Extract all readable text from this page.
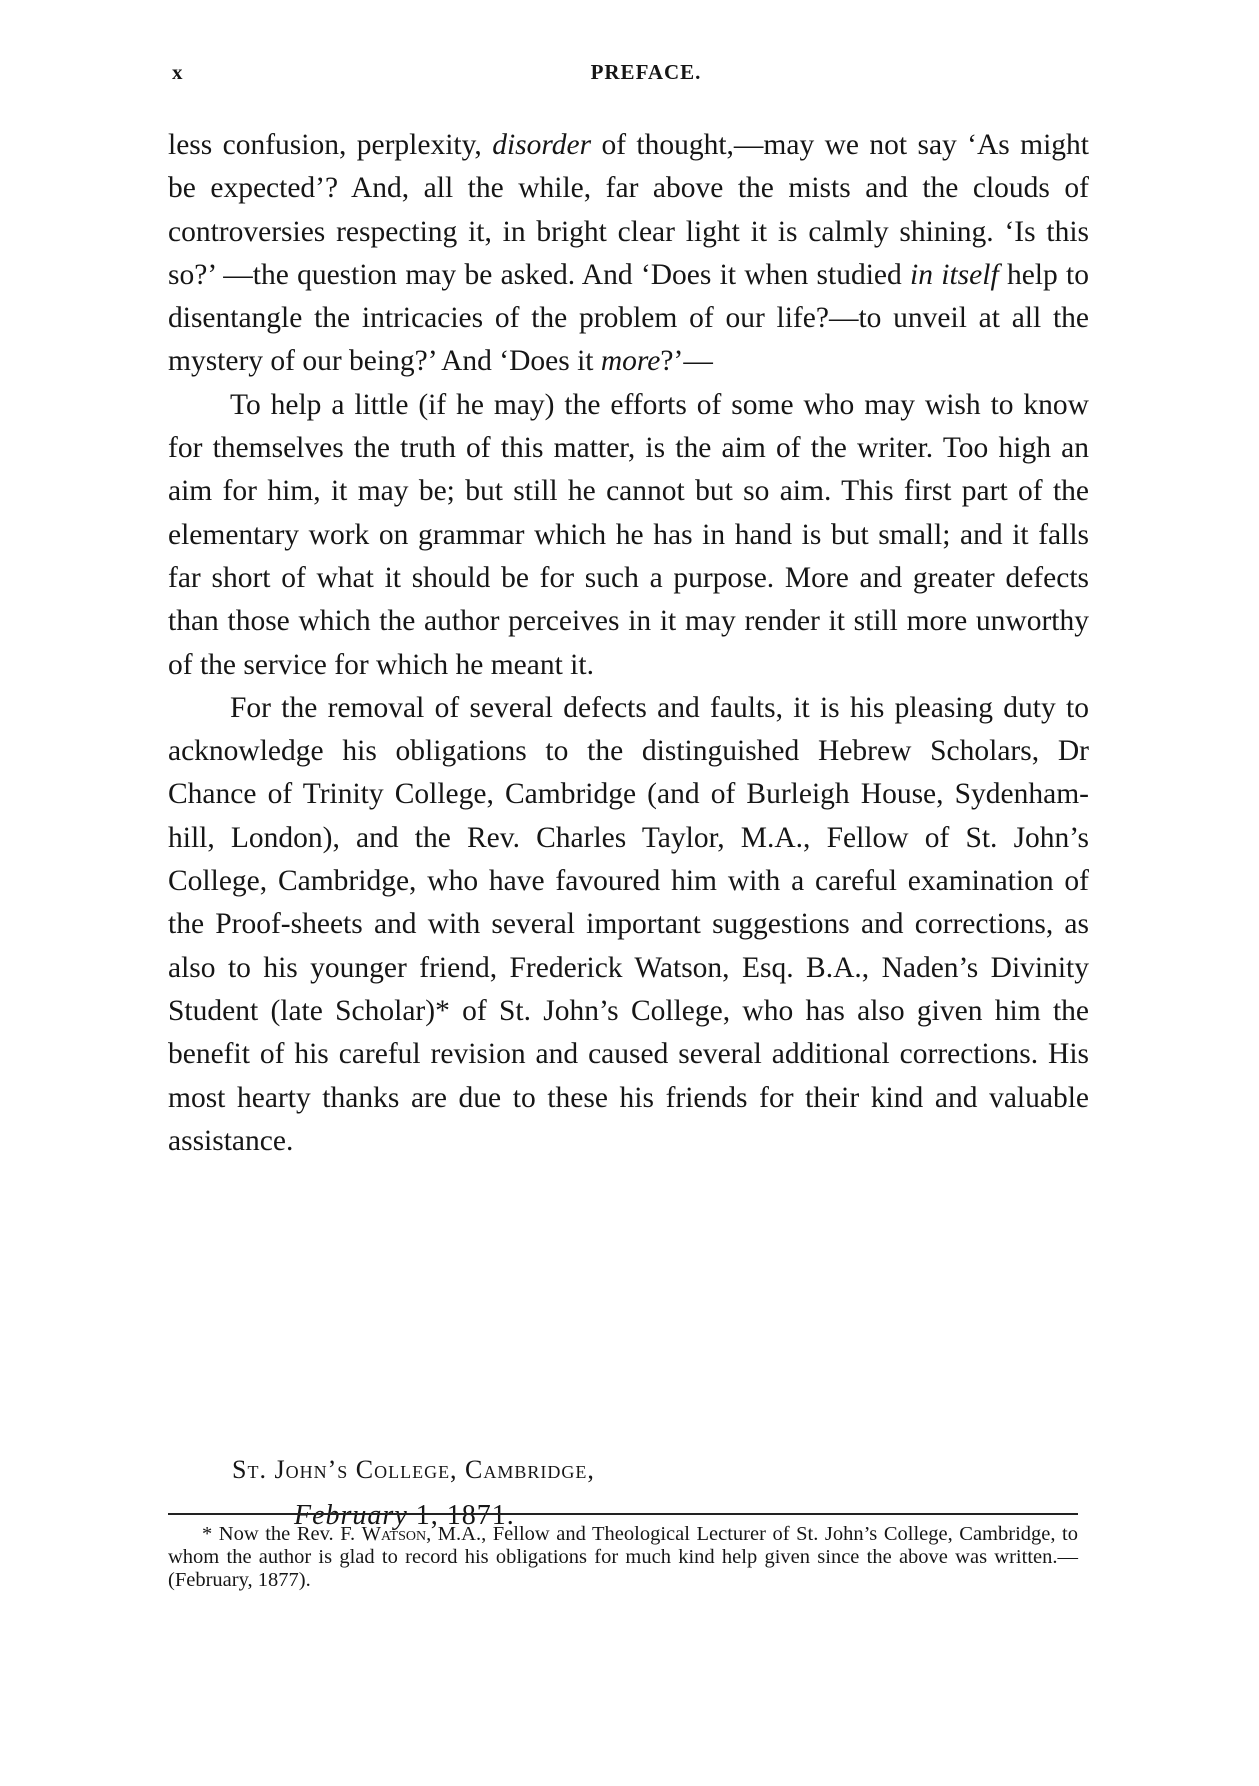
x	PREFACE.

less confusion, perplexity, disorder of thought,—may we not say ‘As might be expected’? And, all the while, far above the mists and the clouds of controversies respecting it, in bright clear light it is calmly shining. ‘Is this so?’ —the question may be asked. And ‘Does it when studied in itself help to disentangle the intricacies of the problem of our life?—to unveil at all the mystery of our being?’ And ‘Does it more?’—

To help a little (if he may) the efforts of some who may wish to know for themselves the truth of this matter, is the aim of the writer. Too high an aim for him, it may be; but still he cannot but so aim. This first part of the elementary work on grammar which he has in hand is but small; and it falls far short of what it should be for such a purpose. More and greater defects than those which the author perceives in it may render it still more unworthy of the service for which he meant it.

For the removal of several defects and faults, it is his pleasing duty to acknowledge his obligations to the distinguished Hebrew Scholars, Dr Chance of Trinity College, Cambridge (and of Burleigh House, Sydenham-hill, London), and the Rev. Charles Taylor, M.A., Fellow of St. John’s College, Cambridge, who have favoured him with a careful examination of the Proof-sheets and with several important suggestions and corrections, as also to his younger friend, Frederick Watson, Esq. B.A., Naden’s Divinity Student (late Scholar)* of St. John’s College, who has also given him the benefit of his careful revision and caused several additional corrections. His most hearty thanks are due to these his friends for their kind and valuable assistance.

St. John’s College, Cambridge,
February 1, 1871.
* Now the Rev. F. Watson, M.A., Fellow and Theological Lecturer of St. John’s College, Cambridge, to whom the author is glad to record his obligations for much kind help given since the above was written.—(February, 1877).
